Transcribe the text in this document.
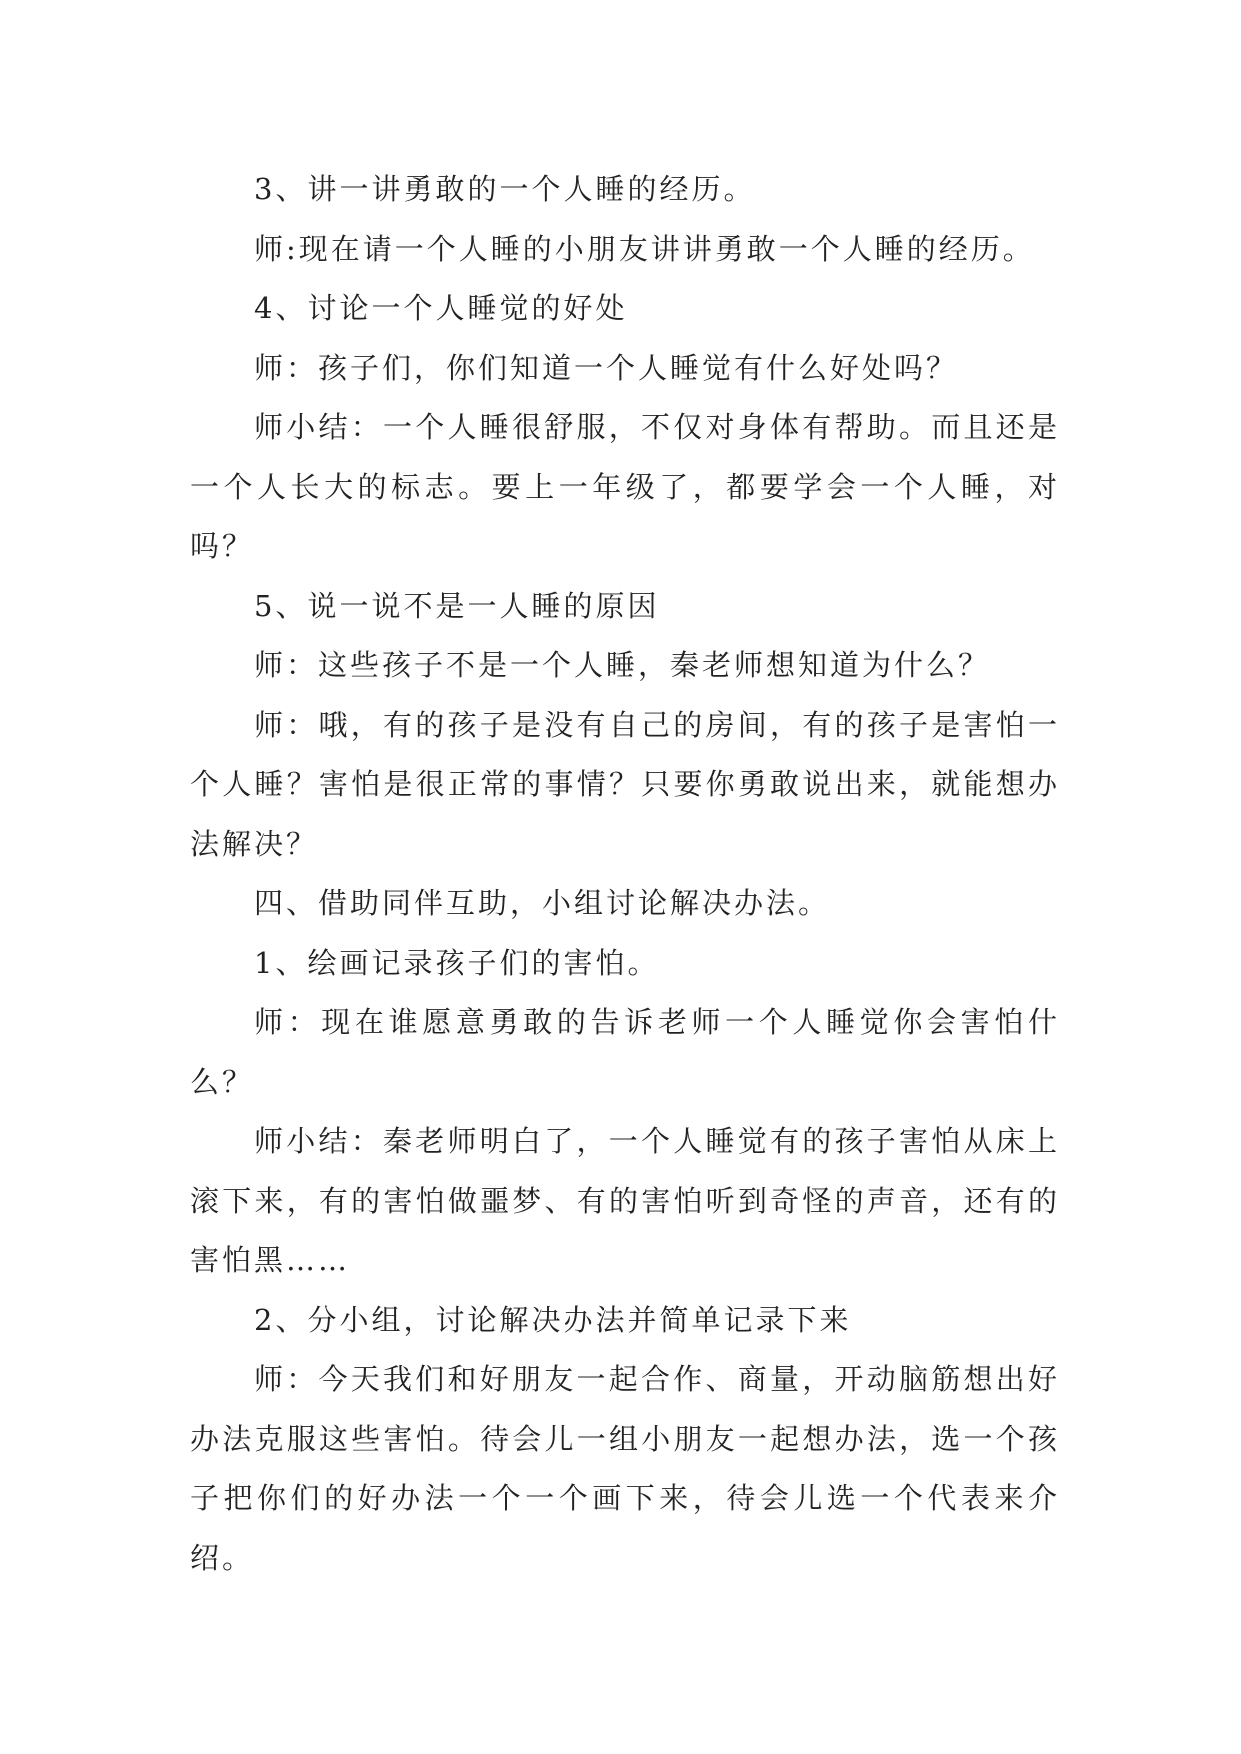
3、讲一讲勇敢的一个人睡的经历。

师:现在请一个人睡的小朋友讲讲勇敢一个人睡的经历。

4、讨论一个人睡觉的好处

师：孩子们，你们知道一个人睡觉有什么好处吗？

师小结：一个人睡很舒服，不仅对身体有帮助。而且还是一个人长大的标志。要上一年级了，都要学会一个人睡，对吗？

5、说一说不是一人睡的原因

师：这些孩子不是一个人睡，秦老师想知道为什么？

师：哦，有的孩子是没有自己的房间，有的孩子是害怕一个人睡？害怕是很正常的事情？只要你勇敢说出来，就能想办法解决？

四、借助同伴互助，小组讨论解决办法。

1、绘画记录孩子们的害怕。

师：现在谁愿意勇敢的告诉老师一个人睡觉你会害怕什么？

师小结：秦老师明白了，一个人睡觉有的孩子害怕从床上滚下来，有的害怕做噩梦、有的害怕听到奇怪的声音，还有的害怕黑……

2、分小组，讨论解决办法并简单记录下来

师：今天我们和好朋友一起合作、商量，开动脑筋想出好办法克服这些害怕。待会儿一组小朋友一起想办法，选一个孩子把你们的好办法一个一个画下来，待会儿选一个代表来介绍。
